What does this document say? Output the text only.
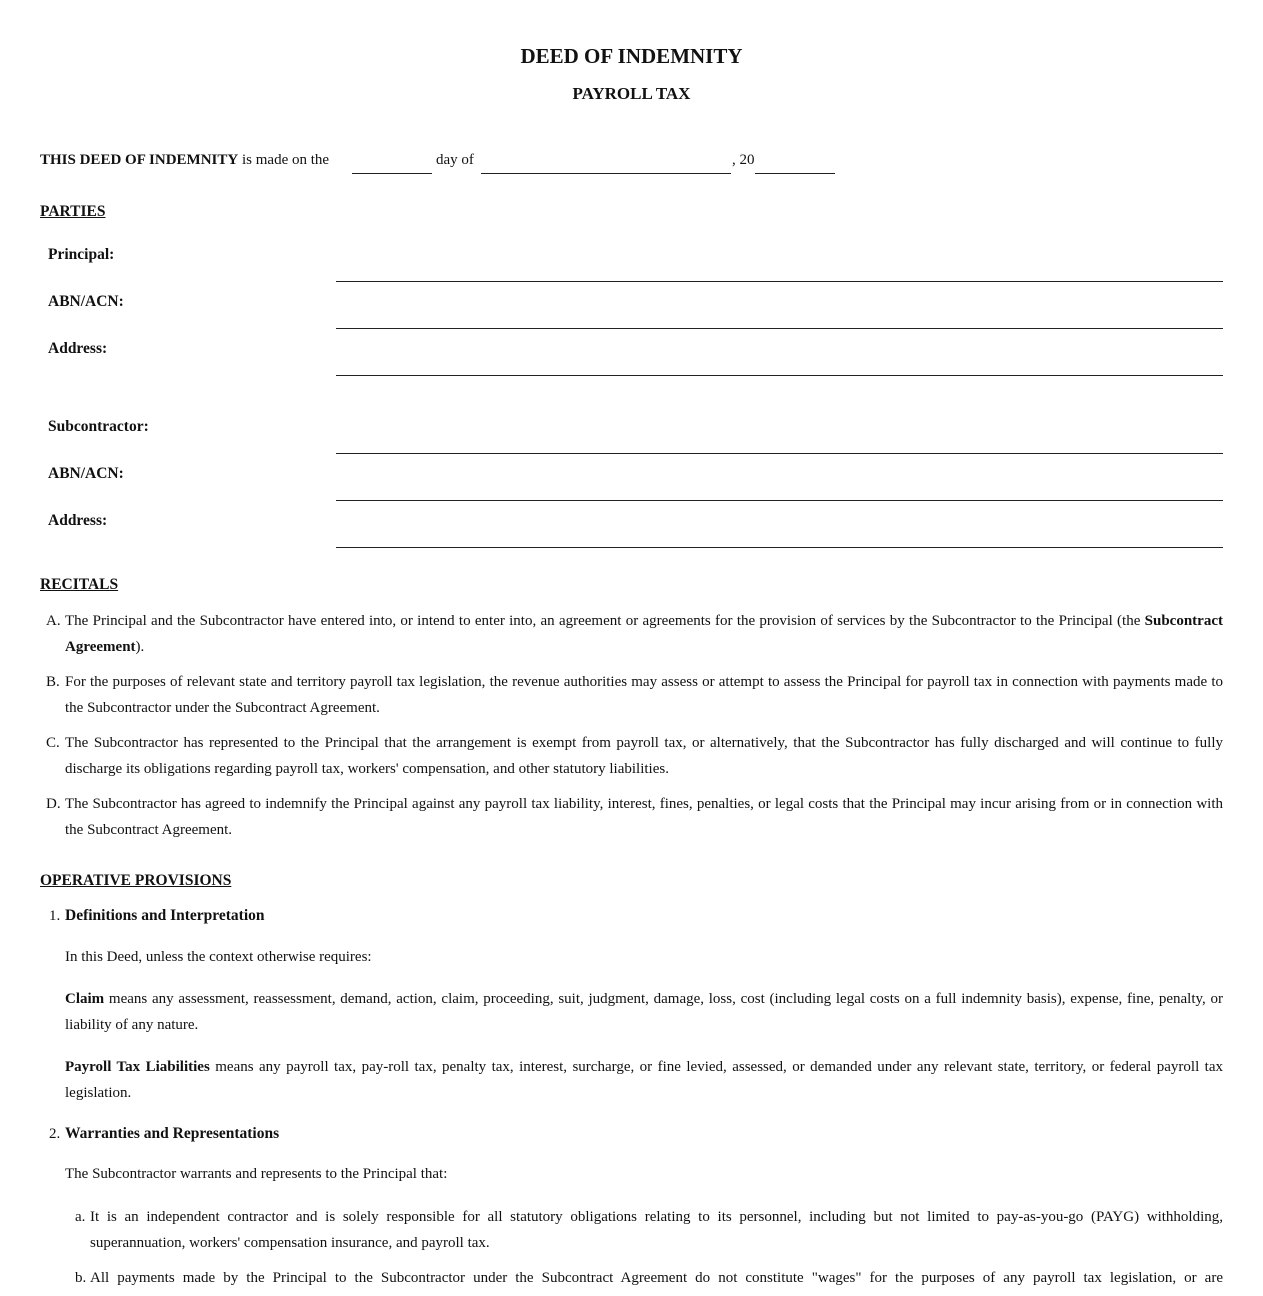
DEED OF INDEMNITY
PAYROLL TAX
THIS DEED OF INDEMNITY is made on the	day of	, 20
PARTIES
Principal:
ABN/ACN:
Address:
Subcontractor:
ABN/ACN:
Address:
RECITALS
A. The Principal and the Subcontractor have entered into, or intend to enter into, an agreement or agreements for the provision of services by the Subcontractor to the Principal (the Subcontract Agreement).
B. For the purposes of relevant state and territory payroll tax legislation, the revenue authorities may assess or attempt to assess the Principal for payroll tax in connection with payments made to the Subcontractor under the Subcontract Agreement.
C. The Subcontractor has represented to the Principal that the arrangement is exempt from payroll tax, or alternatively, that the Subcontractor has fully discharged and will continue to fully discharge its obligations regarding payroll tax, workers' compensation, and other statutory liabilities.
D. The Subcontractor has agreed to indemnify the Principal against any payroll tax liability, interest, fines, penalties, or legal costs that the Principal may incur arising from or in connection with the Subcontract Agreement.
OPERATIVE PROVISIONS
1. Definitions and Interpretation
In this Deed, unless the context otherwise requires:
Claim means any assessment, reassessment, demand, action, claim, proceeding, suit, judgment, damage, loss, cost (including legal costs on a full indemnity basis), expense, fine, penalty, or liability of any nature.
Payroll Tax Liabilities means any payroll tax, pay-roll tax, penalty tax, interest, surcharge, or fine levied, assessed, or demanded under any relevant state, territory, or federal payroll tax legislation.
2. Warranties and Representations
The Subcontractor warrants and represents to the Principal that:
a. It is an independent contractor and is solely responsible for all statutory obligations relating to its personnel, including but not limited to pay-as-you-go (PAYG) withholding, superannuation, workers' compensation insurance, and payroll tax.
b. All payments made by the Principal to the Subcontractor under the Subcontract Agreement do not constitute "wages" for the purposes of any payroll tax legislation, or are
